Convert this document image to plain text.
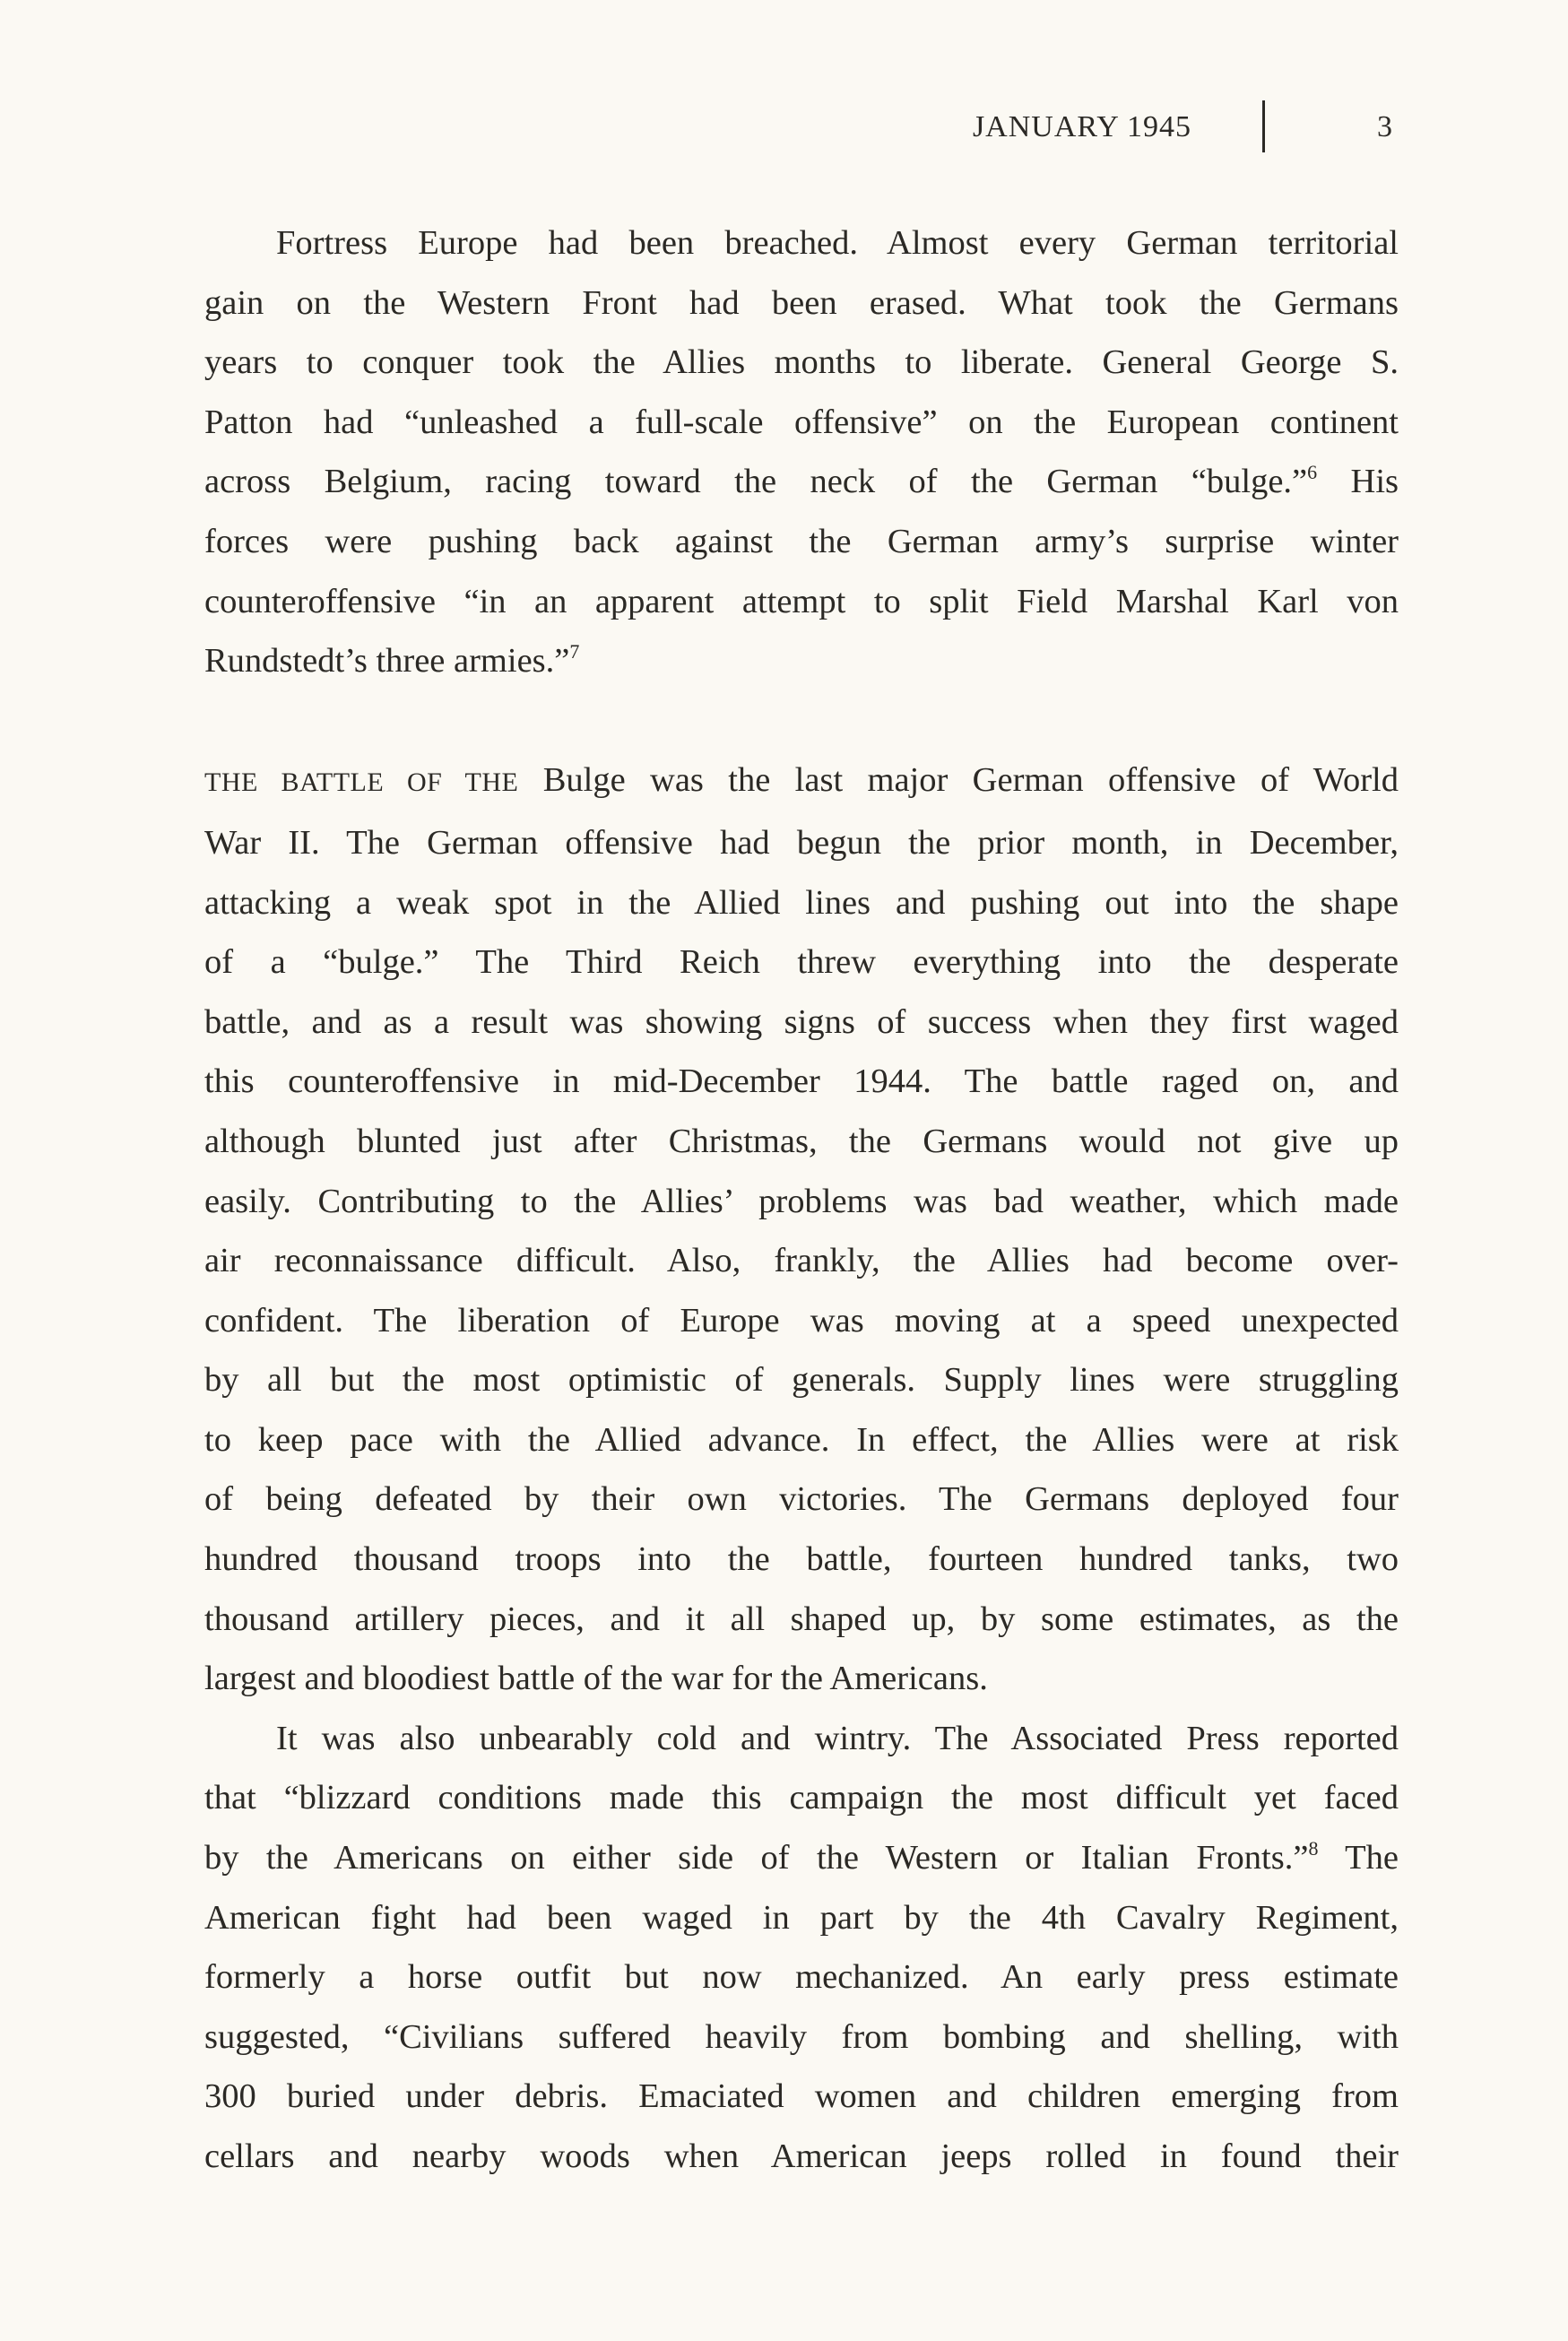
JANUARY 1945	3
Fortress Europe had been breached. Almost every German territorial
gain on the Western Front had been erased. What took the Germans
years to conquer took the Allies months to liberate. General George S.
Patton had “unleashed a full-scale offensive” on the European continent
across Belgium, racing toward the neck of the German “bulge.”$^6$ His
forces were pushing back against the German army’s surprise winter
counteroffensive “in an apparent attempt to split Field Marshal Karl von
Rundstedt’s three armies.”$^7$
THE BATTLE OF THE Bulge was the last major German offensive of World
War II. The German offensive had begun the prior month, in December,
attacking a weak spot in the Allied lines and pushing out into the shape
of a “bulge.” The Third Reich threw everything into the desperate
battle, and as a result was showing signs of success when they first waged
this counteroffensive in mid-December 1944. The battle raged on, and
although blunted just after Christmas, the Germans would not give up
easily. Contributing to the Allies’ problems was bad weather, which made
air reconnaissance difficult. Also, frankly, the Allies had become over-
confident. The liberation of Europe was moving at a speed unexpected
by all but the most optimistic of generals. Supply lines were struggling
to keep pace with the Allied advance. In effect, the Allies were at risk
of being defeated by their own victories. The Germans deployed four
hundred thousand troops into the battle, fourteen hundred tanks, two
thousand artillery pieces, and it all shaped up, by some estimates, as the
largest and bloodiest battle of the war for the Americans.
It was also unbearably cold and wintry. The Associated Press reported
that “blizzard conditions made this campaign the most difficult yet faced
by the Americans on either side of the Western or Italian Fronts.”$^8$ The
American fight had been waged in part by the 4th Cavalry Regiment,
formerly a horse outfit but now mechanized. An early press estimate
suggested, “Civilians suffered heavily from bombing and shelling, with
300 buried under debris. Emaciated women and children emerging from
cellars and nearby woods when American jeeps rolled in found their
